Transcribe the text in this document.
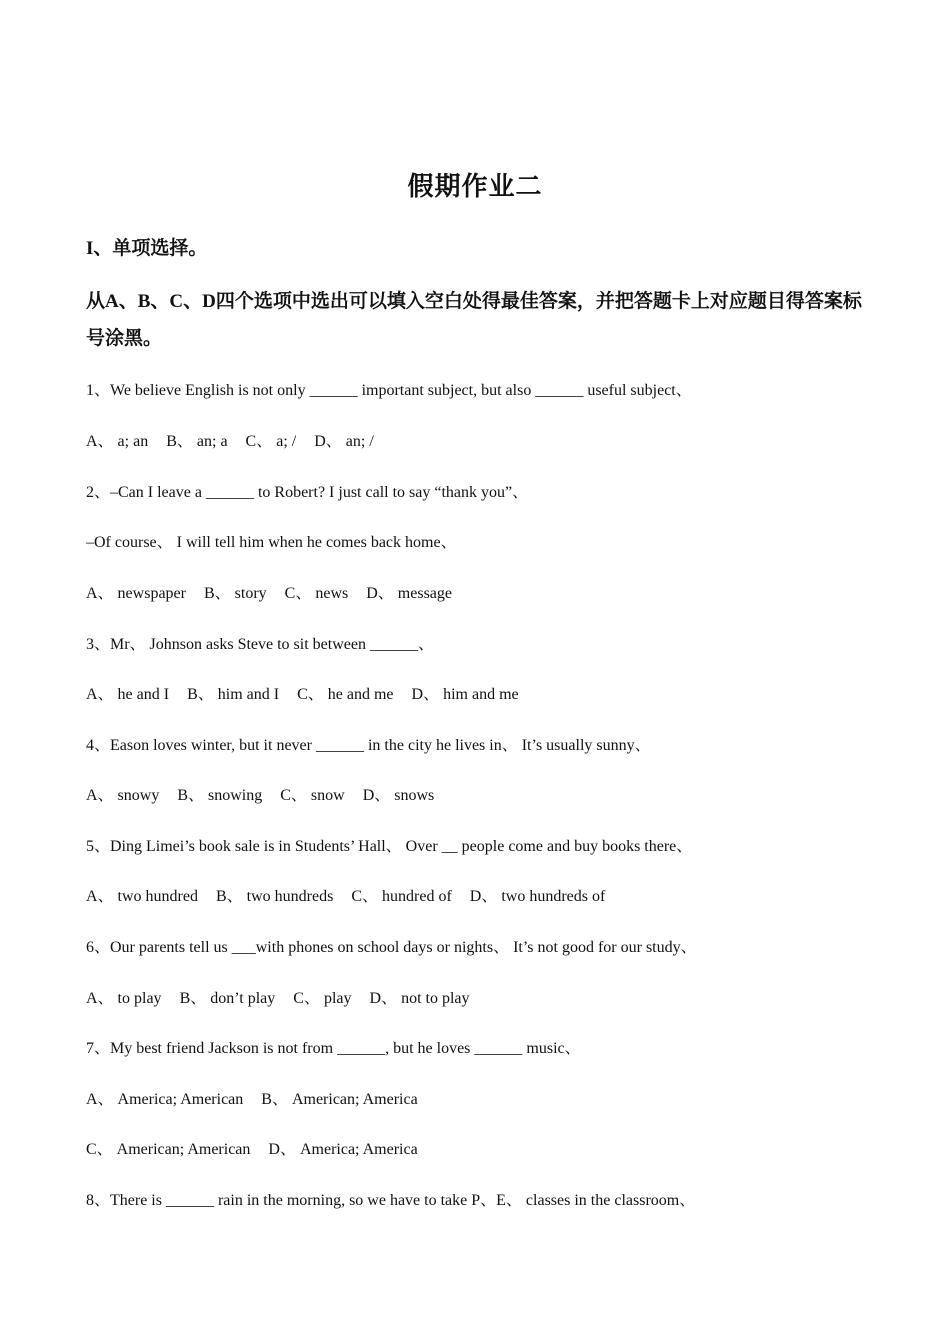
假期作业二
I、单项选择。
从A、B、C、D四个选项中选出可以填入空白处得最佳答案，并把答题卡上对应题目得答案标号涂黑。
1、We believe English is not only ______ important subject, but also ______ useful subject、
A、 a; an B、 an; a C、 a; / D、 an; /
2、–Can I leave a ______ to Robert? I just call to say “thank you”、
–Of course、 I will tell him when he comes back home、
A、 newspaper B、 story C、 news D、 message
3、Mr、 Johnson asks Steve to sit between ______、
A、 he and I B、 him and I C、 he and me D、 him and me
4、Eason loves winter, but it never ______ in the city he lives in、 It’s usually sunny、
A、 snowy B、 snowing C、 snow D、 snows
5、Ding Limei’s book sale is in Students’ Hall、 Over __ people come and buy books there、
A、 two hundred B、 two hundreds C、 hundred of D、 two hundreds of
6、Our parents tell us ___with phones on school days or nights、 It’s not good for our study、
A、 to play B、 don’t play C、 play D、 not to play
7、My best friend Jackson is not from ______, but he loves ______ music、
A、 America; American B、 American; America
C、 American; American D、 America; America
8、There is ______ rain in the morning, so we have to take P、E、 classes in the classroom、
